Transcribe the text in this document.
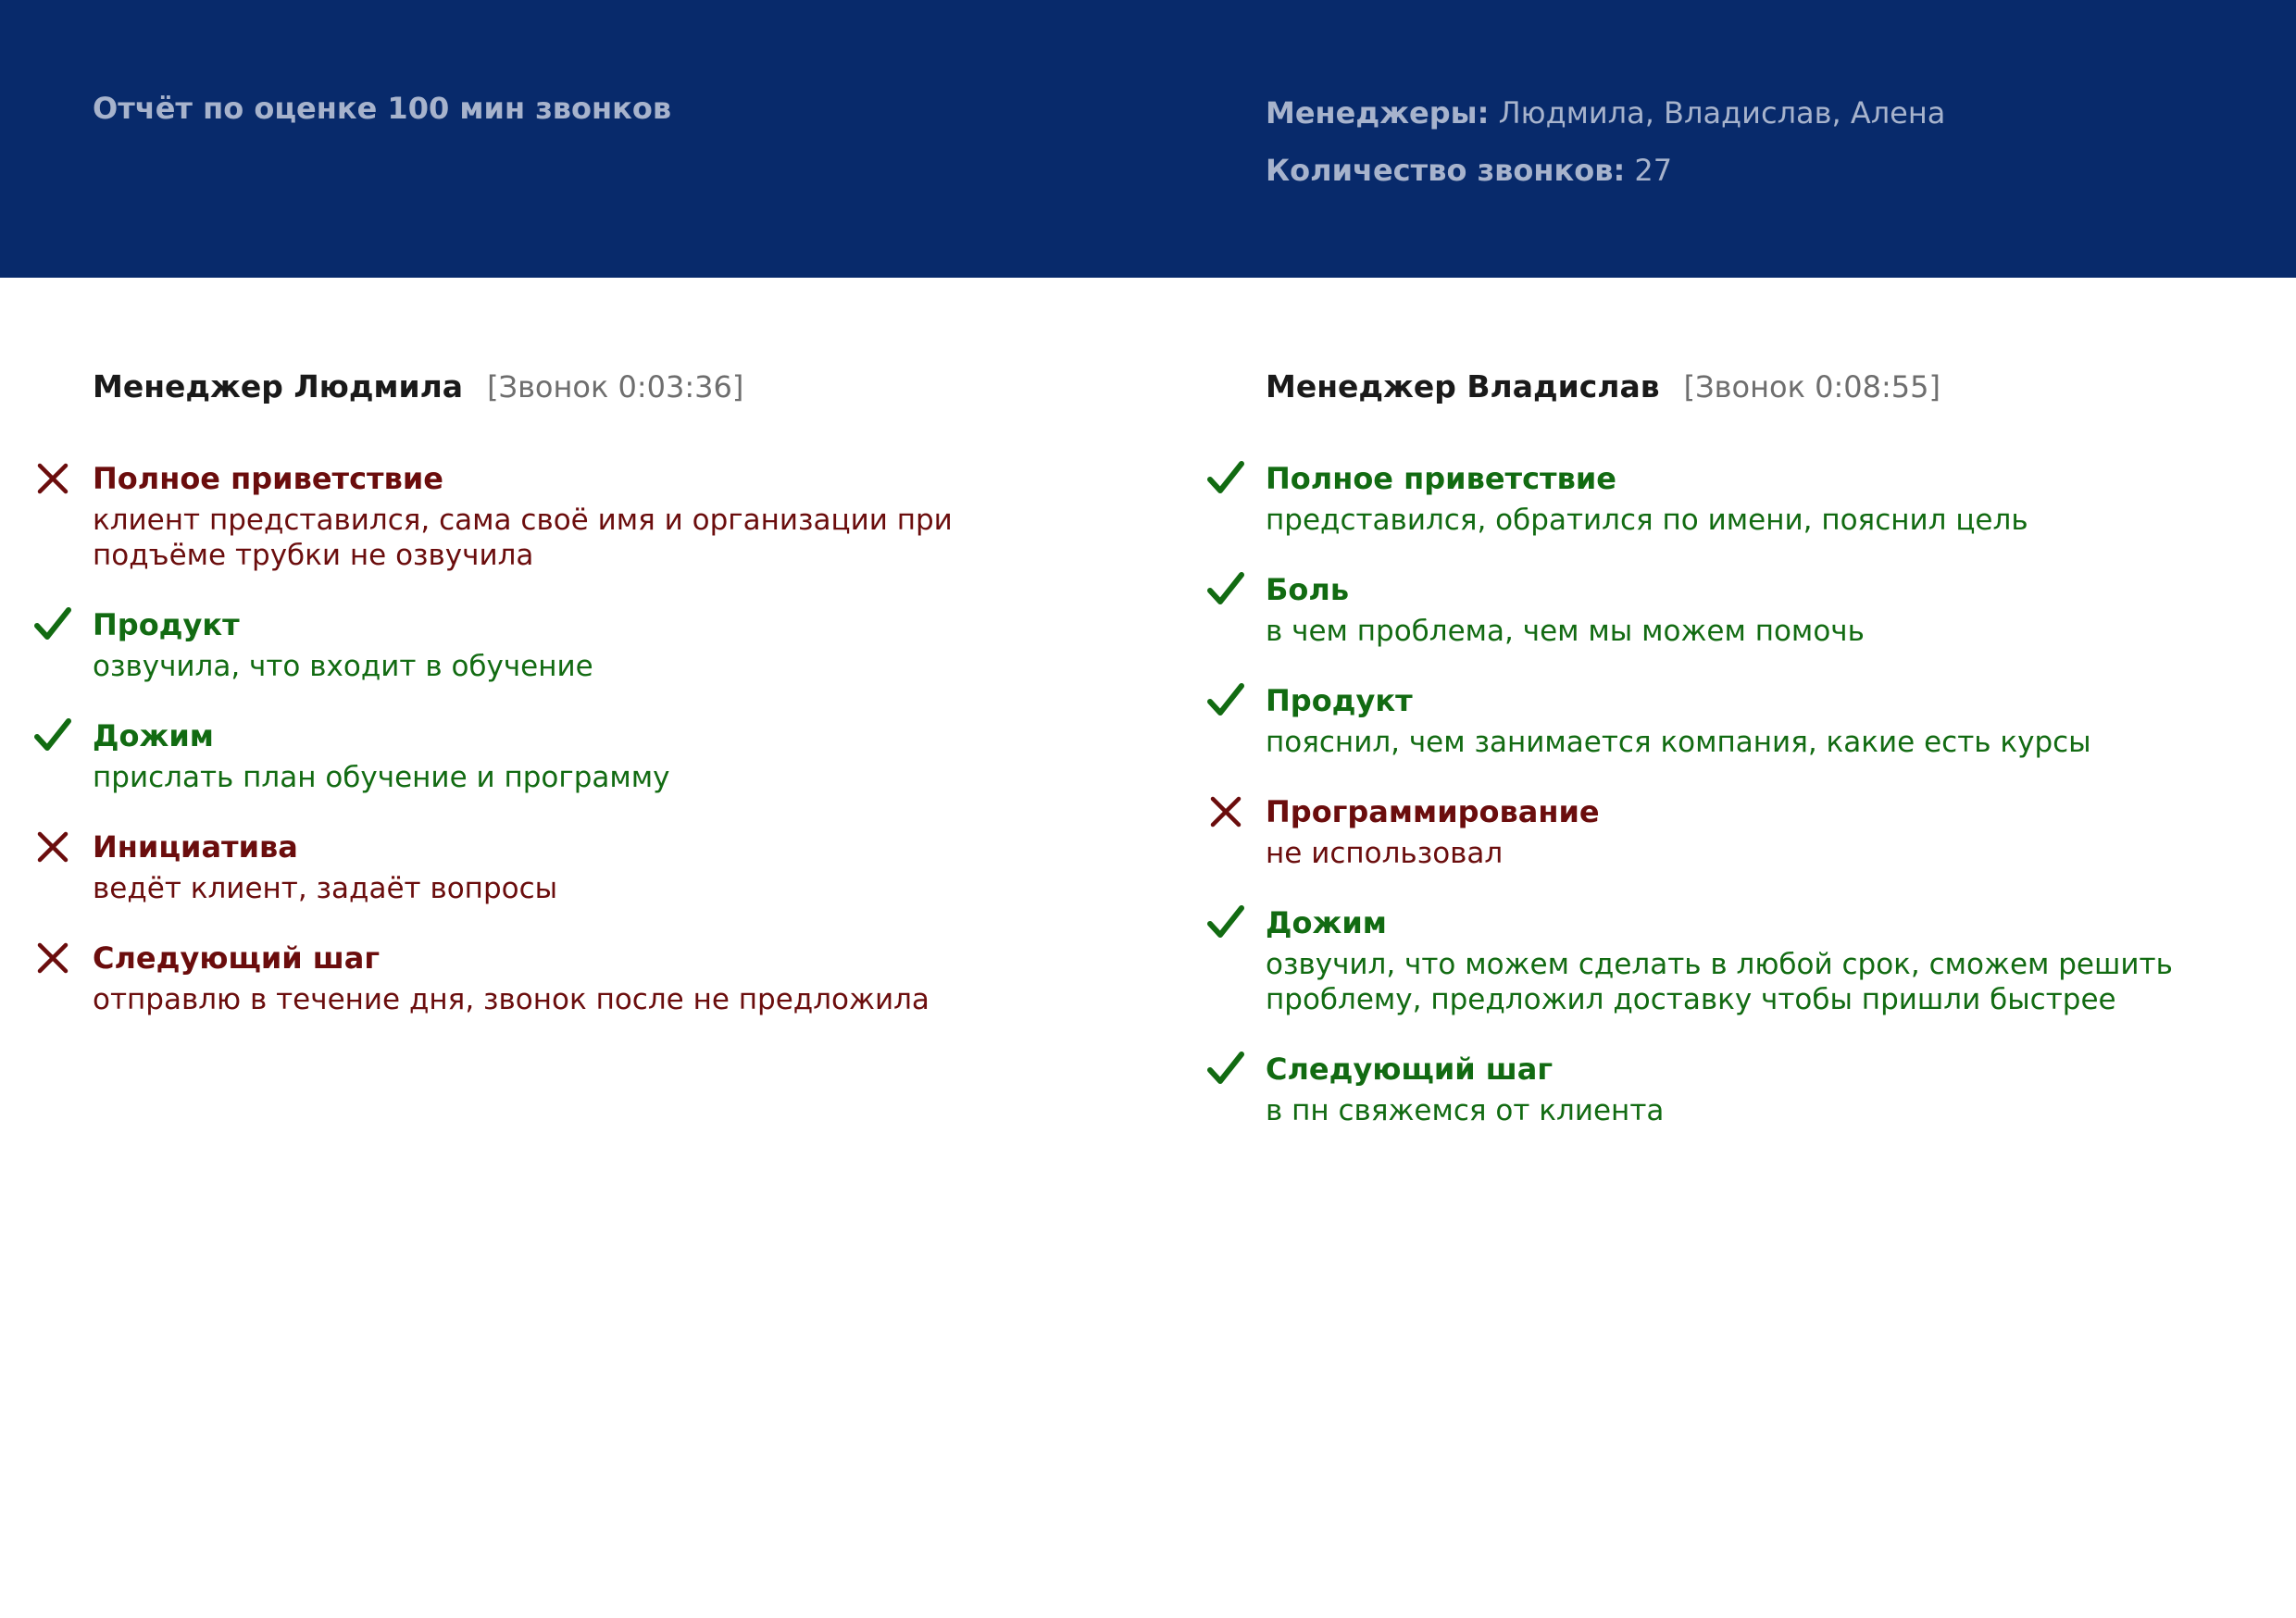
Отчёт по оценке 100 мин звонков	Менеджеры: Людмила, Владислав, Алена
Количество звонков: 27
Менеджер Людмила [Звонок 0:03:36]
Полное приветствие
клиент представился, сама своё имя и организации при подъёме трубки не озвучила
Продукт
озвучила, что входит в обучение
Дожим
прислать план обучение и программу
Инициатива
ведёт клиент, задаёт вопросы
Следующий шаг
отправлю в течение дня, звонок после не предложила
Менеджер Владислав [Звонок 0:08:55]
Полное приветствие
представился, обратился по имени, пояснил цель
Боль
в чем проблема, чем мы можем помочь
Продукт
пояснил, чем занимается компания, какие есть курсы
Программирование
не использовал
Дожим
озвучил, что можем сделать в любой срок, сможем решить проблему, предложил доставку чтобы пришли быстрее
Следующий шаг
в пн свяжемся от клиента
